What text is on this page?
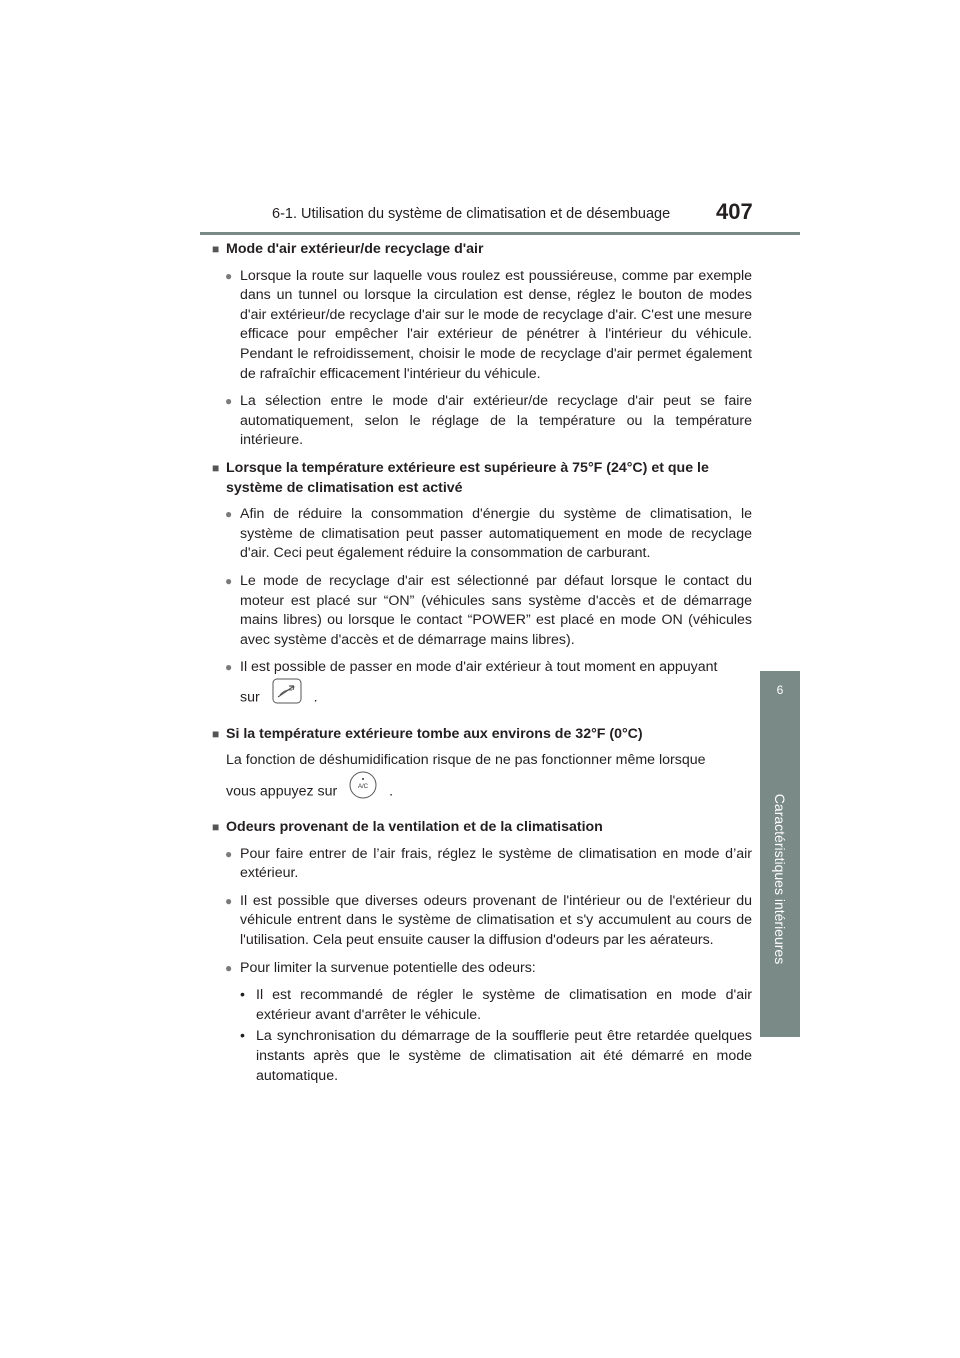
6-1. Utilisation du système de climatisation et de désembuage 407
6
Caractéristiques intérieures
■ Mode d'air extérieur/de recyclage d'air
● Lorsque la route sur laquelle vous roulez est poussiéreuse, comme par exemple dans un tunnel ou lorsque la circulation est dense, réglez le bouton de modes d'air extérieur/de recyclage d'air sur le mode de recyclage d'air. C'est une mesure efficace pour empêcher l'air extérieur de pénétrer à l'intérieur du véhicule. Pendant le refroidissement, choisir le mode de recyclage d'air permet également de rafraîchir efficacement l'intérieur du véhicule.
● La sélection entre le mode d'air extérieur/de recyclage d'air peut se faire automatiquement, selon le réglage de la température ou la température intérieure.
■ Lorsque la température extérieure est supérieure à 75°F (24°C) et que le système de climatisation est activé
● Afin de réduire la consommation d'énergie du système de climatisation, le système de climatisation peut passer automatiquement en mode de recyclage d'air. Ceci peut également réduire la consommation de carburant.
● Le mode de recyclage d'air est sélectionné par défaut lorsque le contact du moteur est placé sur “ON” (véhicules sans système d'accès et de démarrage mains libres) ou lorsque le contact “POWER” est placé en mode ON (véhicules avec système d'accès et de démarrage mains libres).
● Il est possible de passer en mode d'air extérieur à tout moment en appuyant
sur	.
■ Si la température extérieure tombe aux environs de 32°F (0°C)
La fonction de déshumidification risque de ne pas fonctionner même lorsque
vous appuyez sur	A/C .
■ Odeurs provenant de la ventilation et de la climatisation
● Pour faire entrer de l’air frais, réglez le système de climatisation en mode d’air extérieur.
● Il est possible que diverses odeurs provenant de l'intérieur ou de l'extérieur du véhicule entrent dans le système de climatisation et s'y accumulent au cours de l'utilisation. Cela peut ensuite causer la diffusion d'odeurs par les aérateurs.
● Pour limiter la survenue potentielle des odeurs:
• Il est recommandé de régler le système de climatisation en mode d'air extérieur avant d'arrêter le véhicule.
• La synchronisation du démarrage de la soufflerie peut être retardée quelques instants après que le système de climatisation ait été démarré en mode automatique.
